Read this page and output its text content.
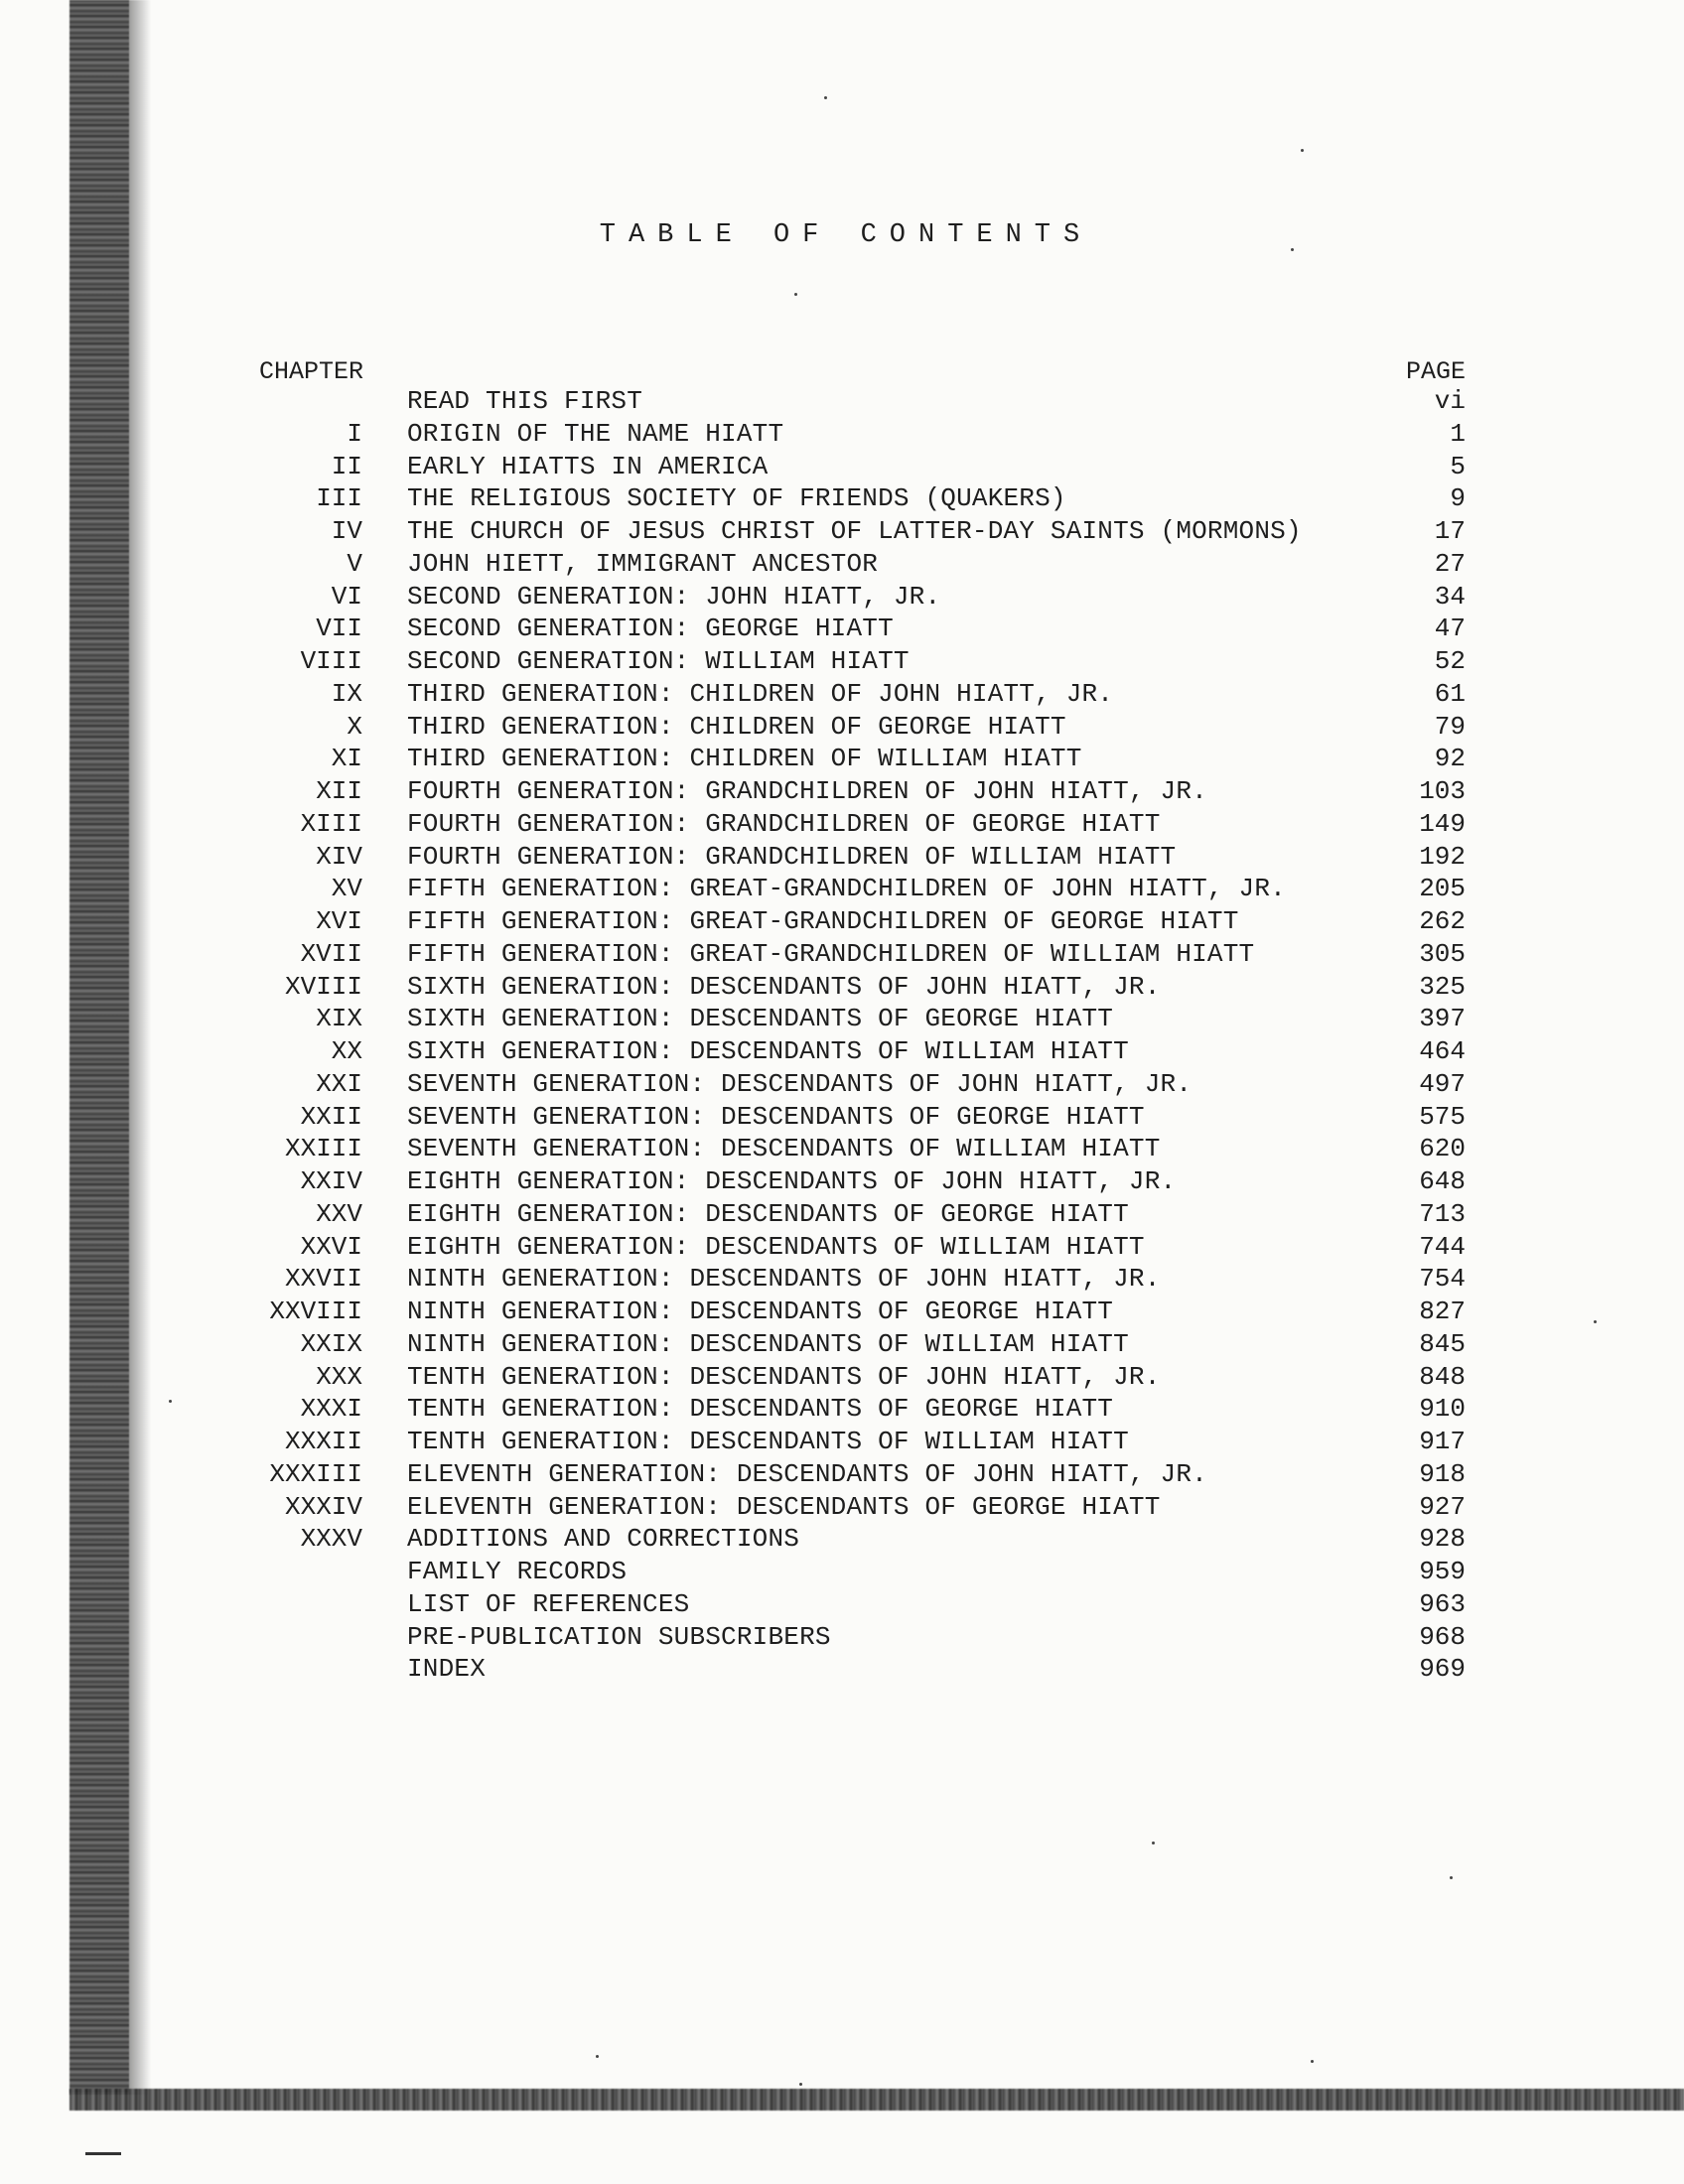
TABLE OF CONTENTS
CHAPTER	PAGE
READ THIS FIRST	vi
I ORIGIN OF THE NAME HIATT	1
II EARLY HIATTS IN AMERICA	5
III THE RELIGIOUS SOCIETY OF FRIENDS (QUAKERS)	9
IV THE CHURCH OF JESUS CHRIST OF LATTER-DAY SAINTS (MORMONS)	17
V JOHN HIETT, IMMIGRANT ANCESTOR	27
VI SECOND GENERATION: JOHN HIATT, JR.	34
VII SECOND GENERATION: GEORGE HIATT	47
VIII SECOND GENERATION: WILLIAM HIATT	52
IX THIRD GENERATION: CHILDREN OF JOHN HIATT, JR.	61
X THIRD GENERATION: CHILDREN OF GEORGE HIATT	79
XI THIRD GENERATION: CHILDREN OF WILLIAM HIATT	92
XII FOURTH GENERATION: GRANDCHILDREN OF JOHN HIATT, JR.	103
XIII FOURTH GENERATION: GRANDCHILDREN OF GEORGE HIATT	149
XIV FOURTH GENERATION: GRANDCHILDREN OF WILLIAM HIATT	192
XV FIFTH GENERATION: GREAT-GRANDCHILDREN OF JOHN HIATT, JR.	205
XVI FIFTH GENERATION: GREAT-GRANDCHILDREN OF GEORGE HIATT	262
XVII FIFTH GENERATION: GREAT-GRANDCHILDREN OF WILLIAM HIATT	305
XVIII SIXTH GENERATION: DESCENDANTS OF JOHN HIATT, JR.	325
XIX SIXTH GENERATION: DESCENDANTS OF GEORGE HIATT	397
XX SIXTH GENERATION: DESCENDANTS OF WILLIAM HIATT	464
XXI SEVENTH GENERATION: DESCENDANTS OF JOHN HIATT, JR.	497
XXII SEVENTH GENERATION: DESCENDANTS OF GEORGE HIATT	575
XXIII SEVENTH GENERATION: DESCENDANTS OF WILLIAM HIATT	620
XXIV EIGHTH GENERATION: DESCENDANTS OF JOHN HIATT, JR.	648
XXV EIGHTH GENERATION: DESCENDANTS OF GEORGE HIATT	713
XXVI EIGHTH GENERATION: DESCENDANTS OF WILLIAM HIATT	744
XXVII NINTH GENERATION: DESCENDANTS OF JOHN HIATT, JR.	754
XXVIII NINTH GENERATION: DESCENDANTS OF GEORGE HIATT	827
XXIX NINTH GENERATION: DESCENDANTS OF WILLIAM HIATT	845
XXX TENTH GENERATION: DESCENDANTS OF JOHN HIATT, JR.	848
XXXI TENTH GENERATION: DESCENDANTS OF GEORGE HIATT	910
XXXII TENTH GENERATION: DESCENDANTS OF WILLIAM HIATT	917
XXXIII ELEVENTH GENERATION: DESCENDANTS OF JOHN HIATT, JR.	918
XXXIV ELEVENTH GENERATION: DESCENDANTS OF GEORGE HIATT	927
XXXV ADDITIONS AND CORRECTIONS	928
FAMILY RECORDS	959
LIST OF REFERENCES	963
PRE-PUBLICATION SUBSCRIBERS	968
INDEX	969
